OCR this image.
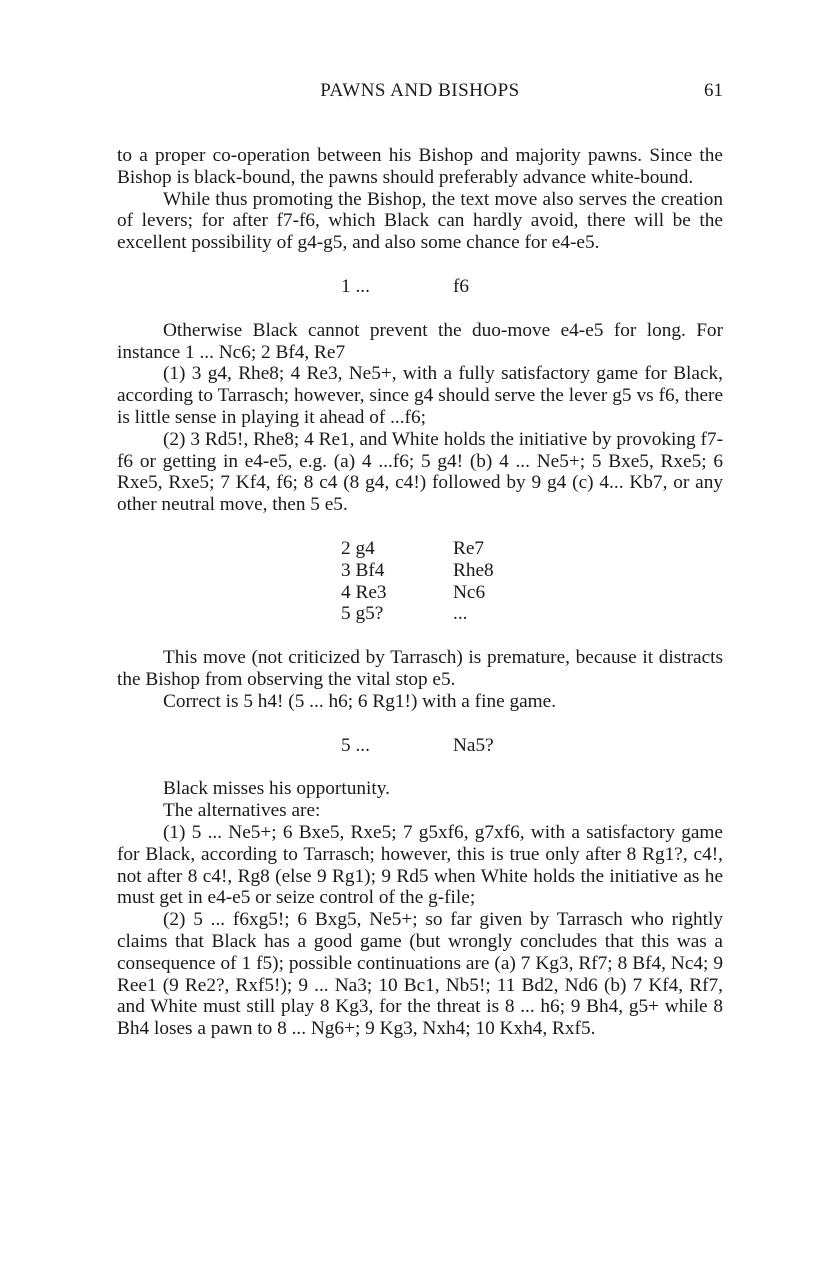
PAWNS AND BISHOPS	61

to a proper co-operation between his Bishop and majority pawns. Since the Bishop is black-bound, the pawns should preferably advance white-bound.

While thus promoting the Bishop, the text move also serves the creation of levers; for after f7-f6, which Black can hardly avoid, there will be the excellent possibility of g4-g5, and also some chance for e4-e5.

1 ...	f6

Otherwise Black cannot prevent the duo-move e4-e5 for long. For instance 1 ... Nc6; 2 Bf4, Re7

(1) 3 g4, Rhe8; 4 Re3, Ne5+, with a fully satisfactory game for Black, according to Tarrasch; however, since g4 should serve the lever g5 vs f6, there is little sense in playing it ahead of ...f6;

(2) 3 Rd5!, Rhe8; 4 Re1, and White holds the initiative by provoking f7-f6 or getting in e4-e5, e.g. (a) 4 ...f6; 5 g4! (b) 4 ... Ne5+; 5 Bxe5, Rxe5; 6 Rxe5, Rxe5; 7 Kf4, f6; 8 c4 (8 g4, c4!) followed by 9 g4 (c) 4... Kb7, or any other neutral move, then 5 e5.

2 g4	Re7
3 Bf4	Rhe8
4 Re3	Nc6
5 g5?	...

This move (not criticized by Tarrasch) is premature, because it distracts the Bishop from observing the vital stop e5.

Correct is 5 h4! (5 ... h6; 6 Rg1!) with a fine game.

5 ...	Na5?

Black misses his opportunity.

The alternatives are:

(1) 5 ... Ne5+; 6 Bxe5, Rxe5; 7 g5xf6, g7xf6, with a satisfactory game for Black, according to Tarrasch; however, this is true only after 8 Rg1?, c4!, not after 8 c4!, Rg8 (else 9 Rg1); 9 Rd5 when White holds the initiative as he must get in e4-e5 or seize control of the g-file;

(2) 5 ... f6xg5!; 6 Bxg5, Ne5+; so far given by Tarrasch who rightly claims that Black has a good game (but wrongly concludes that this was a consequence of 1 f5); possible continuations are (a) 7 Kg3, Rf7; 8 Bf4, Nc4; 9 Ree1 (9 Re2?, Rxf5!); 9 ... Na3; 10 Bc1, Nb5!; 11 Bd2, Nd6 (b) 7 Kf4, Rf7, and White must still play 8 Kg3, for the threat is 8 ... h6; 9 Bh4, g5+ while 8 Bh4 loses a pawn to 8 ... Ng6+; 9 Kg3, Nxh4; 10 Kxh4, Rxf5.
